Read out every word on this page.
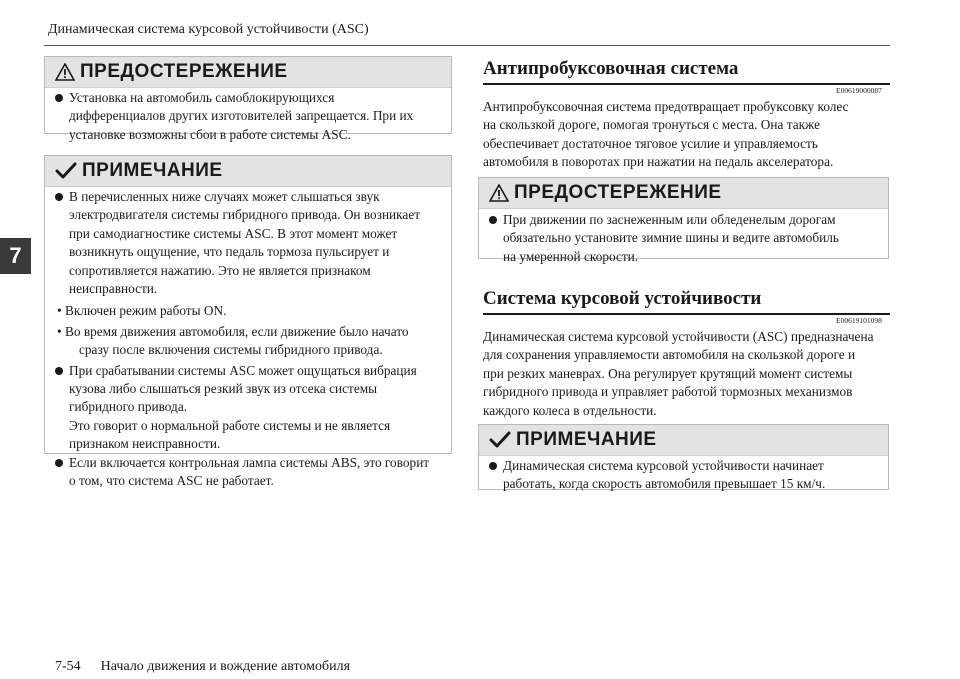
Динамическая система курсовой устойчивости (ASC)
7
ПРЕДОСТЕРЕЖЕНИЕ
Установка на автомобиль самоблокирующихся
дифференциалов других изготовителей запрещается. При их
установке возможны сбои в работе системы ASC.
ПРИМЕЧАНИЕ
В перечисленных ниже случаях может слышаться звук
электродвигателя системы гибридного привода. Он возникает
при самодиагностике системы ASC. В этот момент может
возникнуть ощущение, что педаль тормоза пульсирует и
сопротивляется нажатию. Это не является признаком
неисправности.
• Включен режим работы ON.
• Во время движения автомобиля, если движение было начато
сразу после включения системы гибридного привода.
При срабатывании системы ASC может ощущаться вибрация
кузова либо слышаться резкий звук из отсека системы
гибридного привода.
Это говорит о нормальной работе системы и не является
признаком неисправности.
Если включается контрольная лампа системы ABS, это говорит
о том, что система ASC не работает.
Антипробуксовочная система
E00619000087
Антипробуксовочная система предотвращает пробуксовку колес
на скользкой дороге, помогая тронуться с места. Она также
обеспечивает достаточное тяговое усилие и управляемость
автомобиля в поворотах при нажатии на педаль акселератора.
ПРЕДОСТЕРЕЖЕНИЕ
При движении по заснеженным или обледенелым дорогам
обязательно установите зимние шины и ведите автомобиль
на умеренной скорости.
Система курсовой устойчивости
E00619101098
Динамическая система курсовой устойчивости (ASC) предназначена
для сохранения управляемости автомобиля на скользкой дороге и
при резких маневрах. Она регулирует крутящий момент системы
гибридного привода и управляет работой тормозных механизмов
каждого колеса в отдельности.
ПРИМЕЧАНИЕ
Динамическая система курсовой устойчивости начинает
работать, когда скорость автомобиля превышает 15 км/ч.

7-54 Начало движения и вождение автомобиля
